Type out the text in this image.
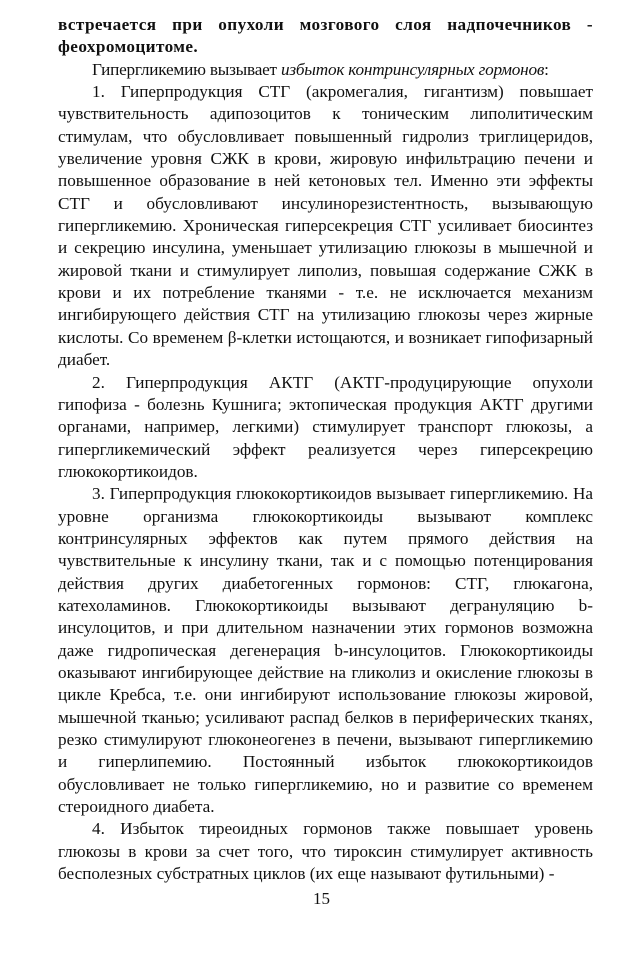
встречается при опухоли мозгового слоя надпочечников - феохромоцитоме.

Гипергликемию вызывает избыток контринсулярных гормонов:

1. Гиперпродукция СТГ (акромегалия, гигантизм) повышает чувствительность адипозоцитов к тоническим липолитическим стимулам, что обусловливает повышенный гидролиз триглицеридов, увеличение уровня СЖК в крови, жировую инфильтрацию печени и повышенное образование в ней кетоновых тел. Именно эти эффекты СТГ и обусловливают инсулинорезистентность, вызывающую гипергликемию. Хроническая гиперсекреция СТГ усиливает биосинтез и секрецию инсулина, уменьшает утилизацию глюкозы в мышечной и жировой ткани и стимулирует липолиз, повышая содержание СЖК в крови и их потребление тканями - т.е. не исключается механизм ингибирующего действия СТГ на утилизацию глюкозы через жирные кислоты. Со временем β-клетки истощаются, и возникает гипофизарный диабет.

2. Гиперпродукция АКТГ (АКТГ-продуцирующие опухоли гипофиза - болезнь Кушнига; эктопическая продукция АКТГ другими органами, например, легкими) стимулирует транспорт глюкозы, а гипергликемический эффект реализуется через гиперсекрецию глюкокортикоидов.

3. Гиперпродукция глюкокортикоидов вызывает гипергликемию. На уровне организма глюкокортикоиды вызывают комплекс контринсулярных эффектов как путем прямого действия на чувствительные к инсулину ткани, так и с помощью потенцирования действия других диабетогенных гормонов: СТГ, глюкагона, катехоламинов. Глюкокортикоиды вызывают дегрануляцию b-инсулоцитов, и при длительном назначении этих гормонов возможна даже гидропическая дегенерация b-инсулоцитов. Глюкокортикоиды оказывают ингибирующее действие на гликолиз и окисление глюкозы в цикле Кребса, т.е. они ингибируют использование глюкозы жировой, мышечной тканью; усиливают распад белков в периферических тканях, резко стимулируют глюконеогенез в печени, вызывают гипергликемию и гиперлипемию. Постоянный избыток глюкокортикоидов обусловливает не только гипергликемию, но и развитие со временем стероидного диабета.

4. Избыток тиреоидных гормонов также повышает уровень глюкозы в крови за счет того, что тироксин стимулирует активность бесполезных субстратных циклов (их еще называют футильными) -

15
